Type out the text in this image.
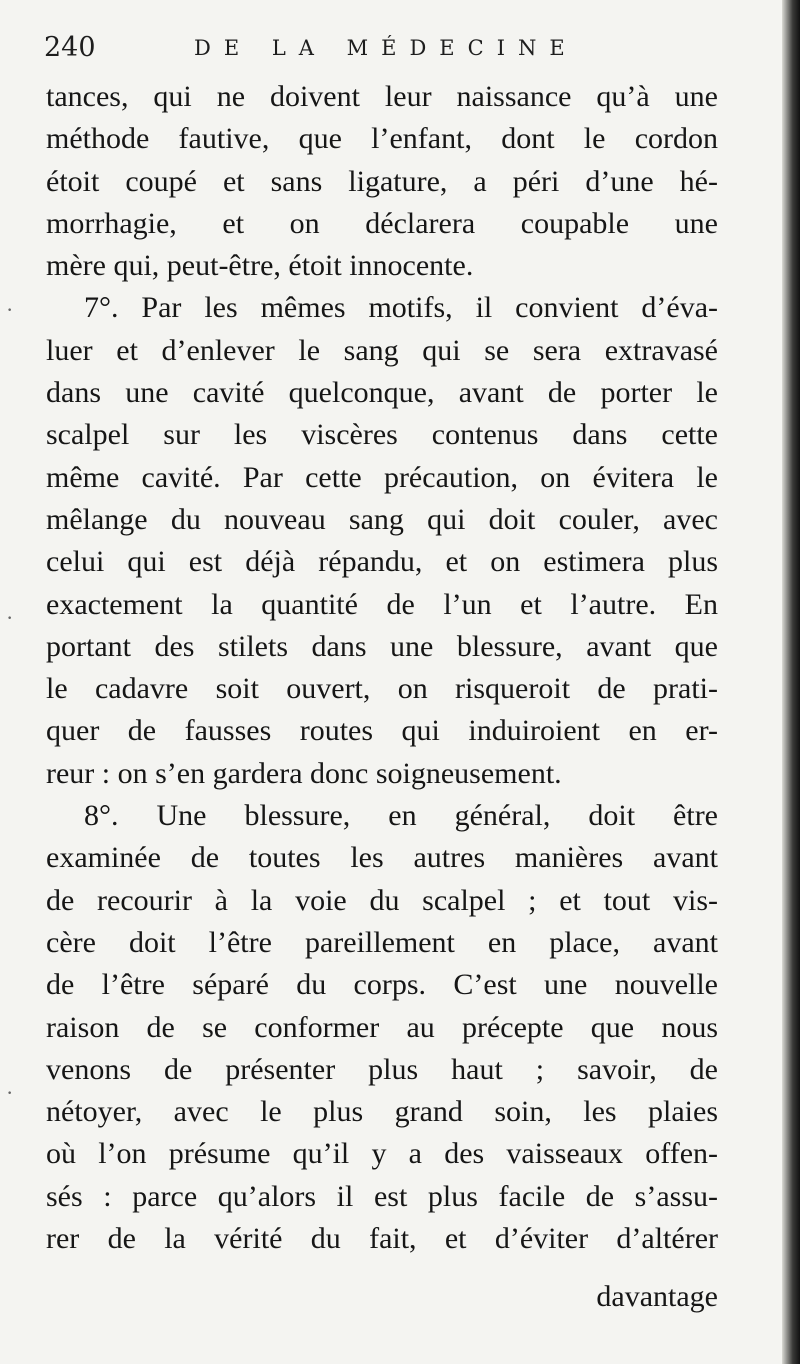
240	DE LA MÉDECINE
tances, qui ne doivent leur naissance qu’à une
méthode fautive, que l’enfant, dont le cordon
étoit coupé et sans ligature, a péri d’une hé-
morrhagie, et on déclarera coupable une
mère qui, peut-être, étoit innocente.
7°. Par les mêmes motifs, il convient d’éva-
luer et d’enlever le sang qui se sera extravasé
dans une cavité quelconque, avant de porter le
scalpel sur les viscères contenus dans cette
même cavité. Par cette précaution, on évitera le
mêlange du nouveau sang qui doit couler, avec
celui qui est déjà répandu, et on estimera plus
exactement la quantité de l’un et l’autre. En
portant des stilets dans une blessure, avant que
le cadavre soit ouvert, on risqueroit de prati-
quer de fausses routes qui induiroient en er-
reur : on s’en gardera donc soigneusement.
8°. Une blessure, en général, doit être
examinée de toutes les autres manières avant
de recourir à la voie du scalpel ; et tout vis-
cère doit l’être pareillement en place, avant
de l’être séparé du corps. C’est une nouvelle
raison de se conformer au précepte que nous
venons de présenter plus haut ; savoir, de
nétoyer, avec le plus grand soin, les plaies
où l’on présume qu’il y a des vaisseaux offen-
sés : parce qu’alors il est plus facile de s’assu-
rer de la vérité du fait, et d’éviter d’altérer
davantage
·
·
·
